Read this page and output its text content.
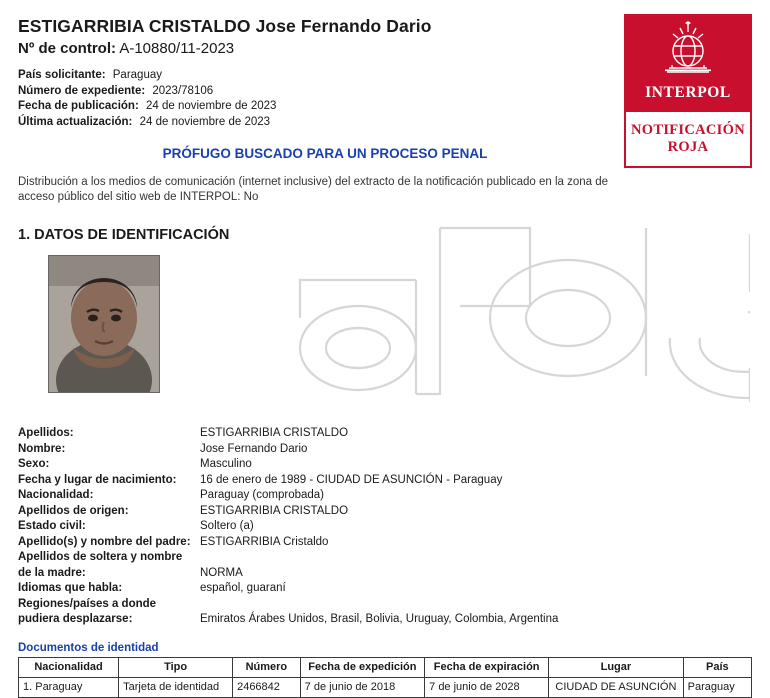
ESTIGARRIBIA CRISTALDO Jose Fernando Dario
Nº de control: A-10880/11-2023
País solicitante: Paraguay
Número de expediente: 2023/78106
Fecha de publicación: 24 de noviembre de 2023
Última actualización: 24 de noviembre de 2023
INTERPOL
NOTIFICACIÓN
ROJA
PRÓFUGO BUSCADO PARA UN PROCESO PENAL
Distribución a los medios de comunicación (internet inclusive) del extracto de la notificación publicado en la zona de acceso público del sitio web de INTERPOL: No
1. DATOS DE IDENTIFICACIÓN
Apellidos:	ESTIGARRIBIA CRISTALDO
Nombre:	Jose Fernando Dario
Sexo:	Masculino
Fecha y lugar de nacimiento:	16 de enero de 1989 - CIUDAD DE ASUNCIÓN - Paraguay
Nacionalidad:	Paraguay (comprobada)
Apellidos de origen:	ESTIGARRIBIA CRISTALDO
Estado civil:	Soltero (a)
Apellido(s) y nombre del padre: ESTIGARRIBIA Cristaldo
Apellidos de soltera y nombre
de la madre:	NORMA
Idiomas que habla:	español, guaraní
Regiones/países a donde
pudiera desplazarse:	Emiratos Árabes Unidos, Brasil, Bolivia, Uruguay, Colombia, Argentina
Documentos de identidad
Nacionalidad	Tipo	Número	Fecha de expedición	Fecha de expiración	Lugar	País
1. Paraguay	Tarjeta de identidad	2466842	7 de junio de 2018	7 de junio de 2028	CIUDAD DE ASUNCIÓN	Paraguay
